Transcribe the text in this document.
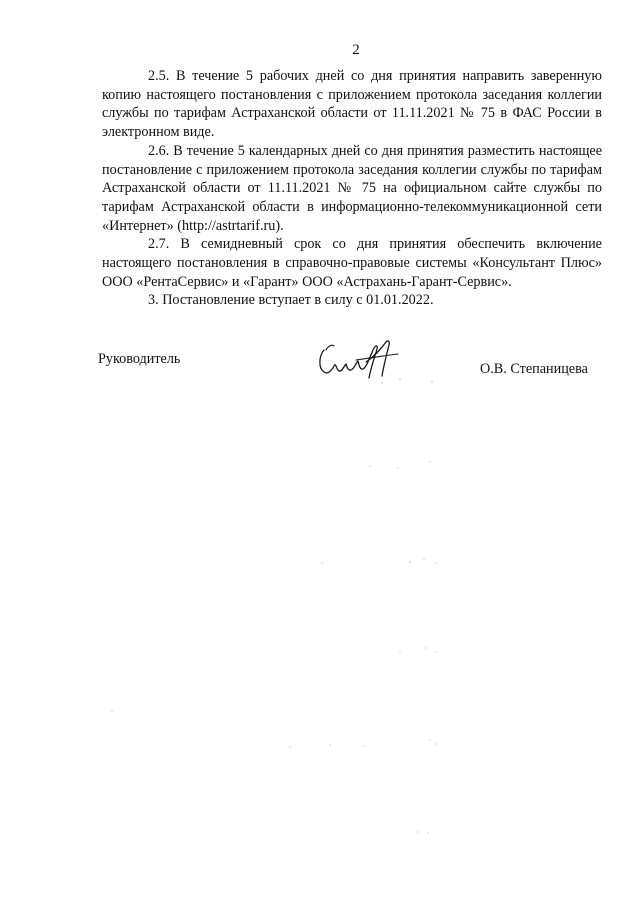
2

2.5. В течение 5 рабочих дней со дня принятия направить заверенную копию настоящего постановления с приложением протокола заседания коллегии службы по тарифам Астраханской области от 11.11.2021 № 75 в ФАС России в электронном виде.

2.6. В течение 5 календарных дней со дня принятия разместить настоящее постановление с приложением протокола заседания коллегии службы по тарифам Астраханской области от 11.11.2021 № 75 на официальном сайте службы по тарифам Астраханской области в информационно-телекоммуникационной сети «Интернет» (http://astrtarif.ru).

2.7. В семидневный срок со дня принятия обеспечить включение настоящего постановления в справочно-правовые системы «Консультант Плюс» ООО «РентаСервис» и «Гарант» ООО «Астрахань-Гарант-Сервис».

3. Постановление вступает в силу с 01.01.2022.

Руководитель
О.В. Степаницева
